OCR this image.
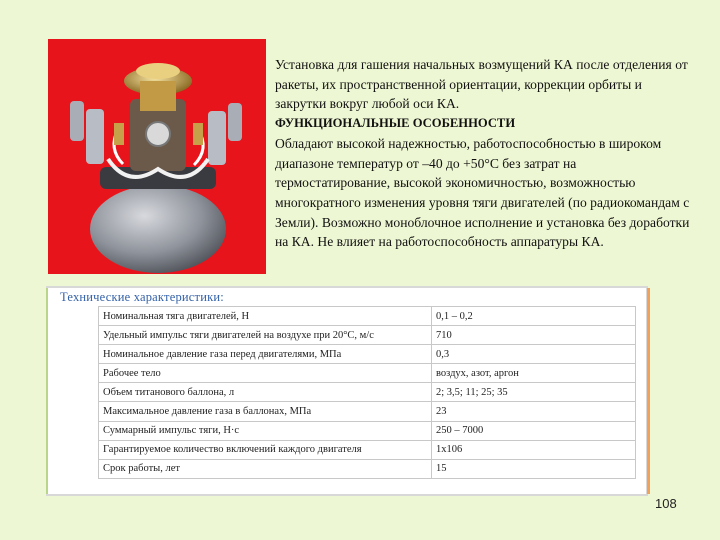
Установка для гашения начальных возмущений КА после отделения от ракеты, их пространственной ориентации, коррекции орбиты и закрутки вокруг любой оси КА.

ФУНКЦИОНАЛЬНЫЕ ОСОБЕННОСТИ

Обладают высокой надежностью, работоспособностью в широком диапазоне температур от –40 до +50°С без затрат на термостатирование, высокой экономичностью, возможностью многократного изменения уровня тяги двигателей (по радиокомандам с Земли). Возможно моноблочное исполнение и установка без доработки на КА. Не влияет на работоспособность аппаратуры КА.

Технические характеристики:
Номинальная тяга двигателей, Н	0,1 – 0,2
Удельный импульс тяги двигателей на воздухе при 20°С, м/с	710
Номинальное давление газа перед двигателями, МПа	0,3
Рабочее тело	воздух, азот, аргон
Объем титанового баллона, л	2; 3,5; 11; 25; 35
Максимальное давление газа в баллонах, МПа	23
Суммарный импульс тяги, Н·с	250 – 7000
Гарантируемое количество включений каждого двигателя	1х106
Срок работы, лет	15
108
